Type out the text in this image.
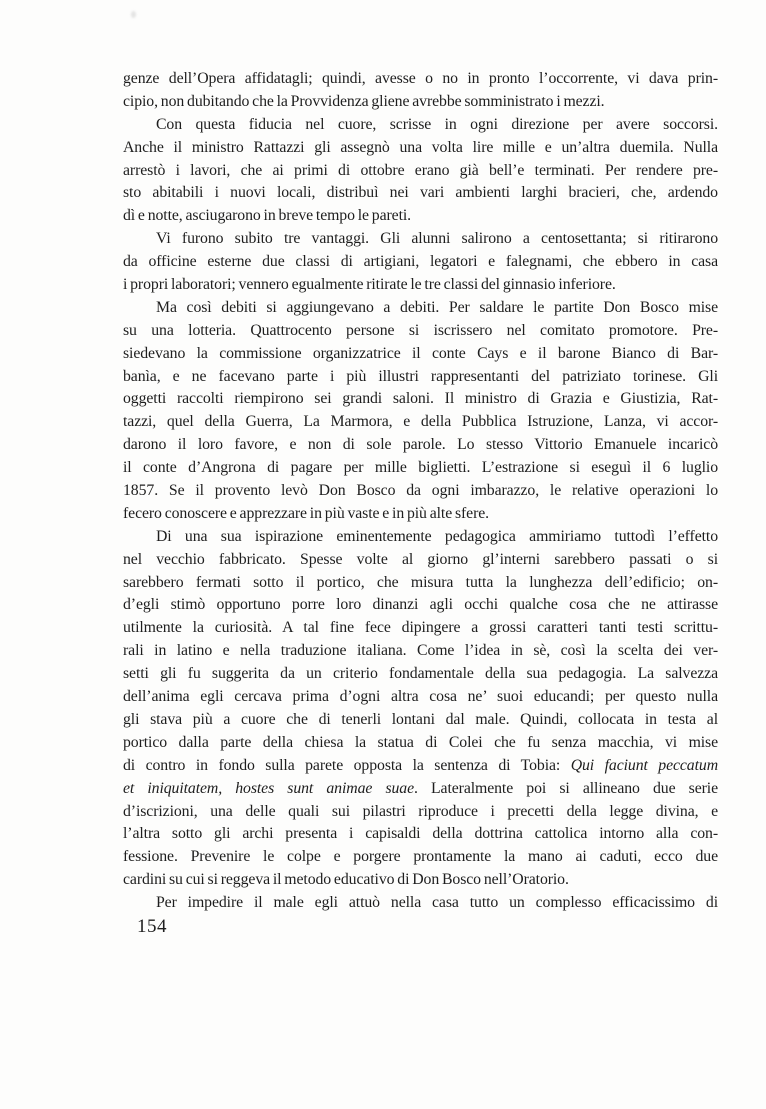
genze dell’Opera affidatagli; quindi, avesse o no in pronto l’occorrente, vi dava prin-
cipio, non dubitando che la Provvidenza gliene avrebbe somministrato i mezzi.
Con questa fiducia nel cuore, scrisse in ogni direzione per avere soccorsi.
Anche il ministro Rattazzi gli assegnò una volta lire mille e un’altra duemila. Nulla
arrestò i lavori, che ai primi di ottobre erano già bell’e terminati. Per rendere pre-
sto abitabili i nuovi locali, distribuì nei vari ambienti larghi bracieri, che, ardendo
dì e notte, asciugarono in breve tempo le pareti.
Vi furono subito tre vantaggi. Gli alunni salirono a centosettanta; si ritirarono
da officine esterne due classi di artigiani, legatori e falegnami, che ebbero in casa
i propri laboratori; vennero egualmente ritirate le tre classi del ginnasio inferiore.
Ma così debiti si aggiungevano a debiti. Per saldare le partite Don Bosco mise
su una lotteria. Quattrocento persone si iscrissero nel comitato promotore. Pre-
siedevano la commissione organizzatrice il conte Cays e il barone Bianco di Bar-
banìa, e ne facevano parte i più illustri rappresentanti del patriziato torinese. Gli
oggetti raccolti riempirono sei grandi saloni. Il ministro di Grazia e Giustizia, Rat-
tazzi, quel della Guerra, La Marmora, e della Pubblica Istruzione, Lanza, vi accor-
darono il loro favore, e non di sole parole. Lo stesso Vittorio Emanuele incaricò
il conte d’Angrona di pagare per mille biglietti. L’estrazione si eseguì il 6 luglio
1857. Se il provento levò Don Bosco da ogni imbarazzo, le relative operazioni lo
fecero conoscere e apprezzare in più vaste e in più alte sfere.
Di una sua ispirazione eminentemente pedagogica ammiriamo tuttodì l’effetto
nel vecchio fabbricato. Spesse volte al giorno gl’interni sarebbero passati o si
sarebbero fermati sotto il portico, che misura tutta la lunghezza dell’edificio; on-
d’egli stimò opportuno porre loro dinanzi agli occhi qualche cosa che ne attirasse
utilmente la curiosità. A tal fine fece dipingere a grossi caratteri tanti testi scrittu-
rali in latino e nella traduzione italiana. Come l’idea in sè, così la scelta dei ver-
setti gli fu suggerita da un criterio fondamentale della sua pedagogia. La salvezza
dell’anima egli cercava prima d’ogni altra cosa ne’ suoi educandi; per questo nulla
gli stava più a cuore che di tenerli lontani dal male. Quindi, collocata in testa al
portico dalla parte della chiesa la statua di Colei che fu senza macchia, vi mise
di contro in fondo sulla parete opposta la sentenza di Tobia: Qui faciunt peccatum
et iniquitatem, hostes sunt animae suae. Lateralmente poi si allineano due serie
d’iscrizioni, una delle quali sui pilastri riproduce i precetti della legge divina, e
l’altra sotto gli archi presenta i capisaldi della dottrina cattolica intorno alla con-
fessione. Prevenire le colpe e porgere prontamente la mano ai caduti, ecco due
cardini su cui si reggeva il metodo educativo di Don Bosco nell’Oratorio.
Per impedire il male egli attuò nella casa tutto un complesso efficacissimo di
154
